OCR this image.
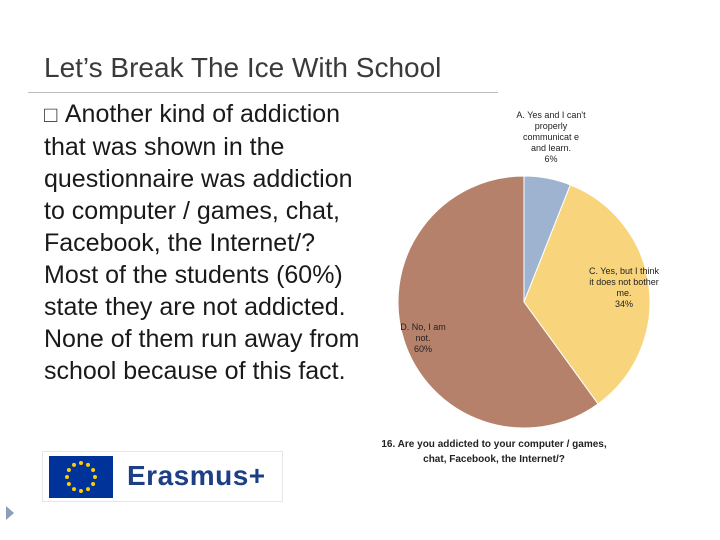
Let’s Break The Ice With School
□ Another kind of addiction that was shown in the questionnaire was addiction to computer / games, chat, Facebook, the Internet/? Most of the students (60%) state they are not addicted. None of them run away from school because of this fact.
Erasmus+
A. Yes and I can't properly communicat e and learn.
6%
C. Yes, but I think it does not bother me.
34%
D. No, I am not.
60%
16. Are you addicted to your computer / games, chat, Facebook, the Internet/?
